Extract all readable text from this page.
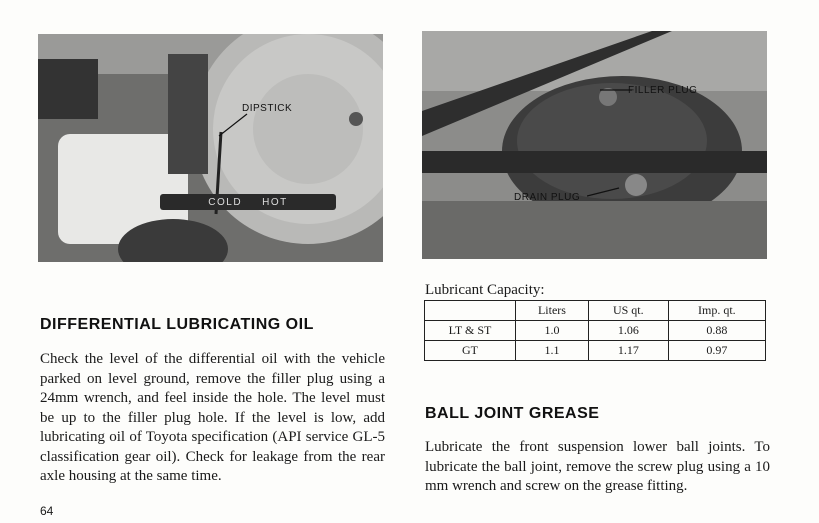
DIPSTICK
COLD HOT
FILLER PLUG
DRAIN PLUG
DIFFERENTIAL LUBRICATING OIL

Check the level of the differential oil with the vehicle parked on level ground, remove the filler plug using a 24mm wrench, and feel inside the hole. The level must be up to the filler plug hole. If the level is low, add lubricating oil of Toyota specification (API service GL-5 classification gear oil). Check for leakage from the rear axle housing at the same time.

Lubricant Capacity:
	Liters	US qt.	Imp. qt.
LT & ST	1.0	1.06	0.88
GT	1.1	1.17	0.97
BALL JOINT GREASE

Lubricate the front suspension lower ball joints. To lubricate the ball joint, remove the screw plug using a 10 mm wrench and screw on the grease fitting.

64
